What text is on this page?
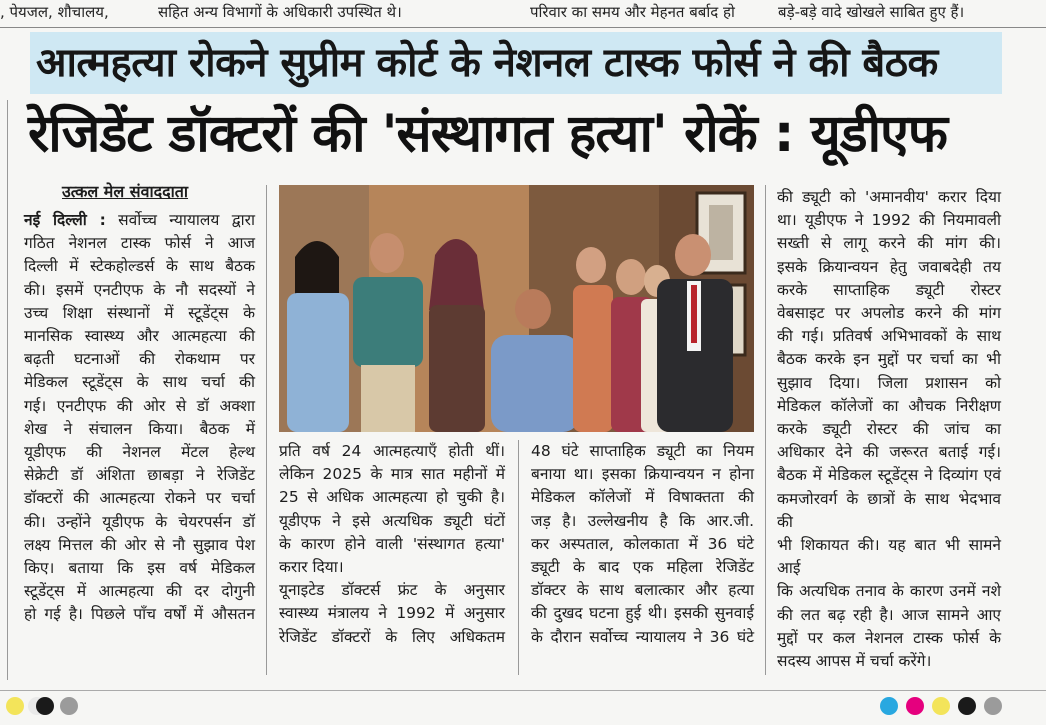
, पेयजल, शौचालय,	सहित अन्य विभागों के अधिकारी उपस्थित थे।	परिवार का समय और मेहनत बर्बाद हो	बड़े-बड़े वादे खोखले साबित हुए हैं।
आत्महत्या रोकने सुप्रीम कोर्ट के नेशनल टास्क फोर्स ने की बैठक
रेजिडेंट डॉक्टरों की 'संस्थागत हत्या' रोकें : यूडीएफ
उत्कल मेल संवाददाता

नई दिल्ली : सर्वोच्च न्यायालय द्वारा

गठित नेशनल टास्क फोर्स ने आज

दिल्ली में स्टेकहोल्डर्स के साथ बैठक

की। इसमें एनटीएफ के नौ सदस्यों ने

उच्च शिक्षा संस्थानों में स्टूडेंट्स के

मानसिक स्वास्थ्य और आत्महत्या की

बढ़ती घटनाओं की रोकथाम पर

मेडिकल स्टूडेंट्स के साथ चर्चा की

गई। एनटीएफ की ओर से डॉ अक्शा

शेख ने संचालन किया। बैठक में

यूडीएफ की नेशनल मेंटल हेल्थ

सेक्रेटी डॉ अंशिता छाबड़ा ने रेजिडेंट

डॉक्टरों की आत्महत्या रोकने पर चर्चा

की। उन्होंने यूडीएफ के चेयरपर्सन डॉ

लक्ष्य मित्तल की ओर से नौ सुझाव पेश

किए। बताया कि इस वर्ष मेडिकल

स्टूडेंट्स में आत्महत्या की दर दोगुनी

हो गई है। पिछले पाँच वर्षों में औसतन

प्रति वर्ष 24 आत्महत्याएँ होती थीं।

लेकिन 2025 के मात्र सात महीनों में

25 से अधिक आत्महत्या हो चुकी है।

यूडीएफ ने इसे अत्यधिक ड्यूटी घंटों

के कारण होने वाली 'संस्थागत हत्या'

करार दिया।

यूनाइटेड डॉक्टर्स फ्रंट के अनुसार

स्वास्थ्य मंत्रालय ने 1992 में अनुसार

रेजिडेंट डॉक्टरों के लिए अधिकतम

48 घंटे साप्ताहिक ड्यूटी का नियम

बनाया था। इसका क्रियान्वयन न होना

मेडिकल कॉलेजों में विषाक्तता की

जड़ है। उल्लेखनीय है कि आर.जी.

कर अस्पताल, कोलकाता में 36 घंटे

ड्यूटी के बाद एक महिला रेजिडेंट

डॉक्टर के साथ बलात्कार और हत्या

की दुखद घटना हुई थी। इसकी सुनवाई

के दौरान सर्वोच्च न्यायालय ने 36 घंटे

की ड्यूटी को 'अमानवीय' करार दिया

था। यूडीएफ ने 1992 की नियमावली

सख्ती से लागू करने की मांग की।

इसके क्रियान्वयन हेतु जवाबदेही तय

करके साप्ताहिक ड्यूटी रोस्टर

वेबसाइट पर अपलोड करने की मांग

की गई। प्रतिवर्ष अभिभावकों के साथ

बैठक करके इन मुद्दों पर चर्चा का भी

सुझाव दिया। जिला प्रशासन को

मेडिकल कॉलेजों का औचक निरीक्षण

करके ड्यूटी रोस्टर की जांच का

अधिकार देने की जरूरत बताई गई।

बैठक में मेडिकल स्टूडेंट्स ने दिव्यांग एवं

कमजोरवर्ग के छात्रों के साथ भेदभाव की

भी शिकायत की। यह बात भी सामने आई

कि अत्यधिक तनाव के कारण उनमें नशे

की लत बढ़ रही है। आज सामने आए

मुद्दों पर कल नेशनल टास्क फोर्स के

सदस्य आपस में चर्चा करेंगे।
